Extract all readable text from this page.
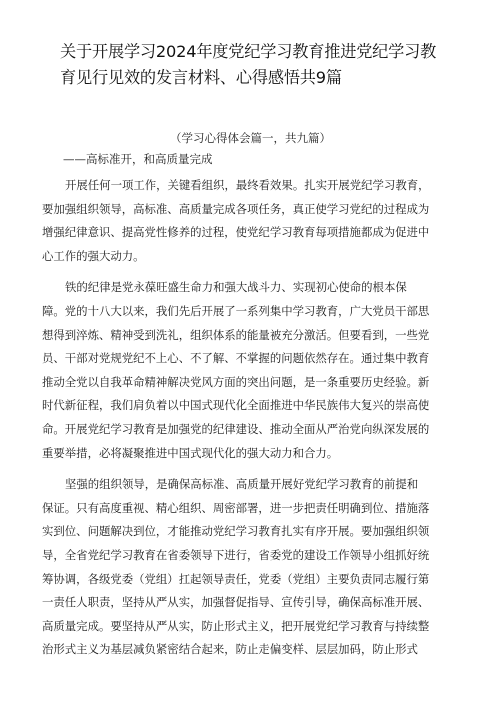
关于开展学习2024年度党纪学习教育推进党纪学习教
育见行见效的发言材料、心得感悟共9篇
（学习心得体会篇一，共九篇）
——高标准开，和高质量完成
开展任何一项工作，关键看组织，最终看效果。扎实开展党纪学习教育，
要加强组织领导，高标准、高质量完成各项任务，真正使学习党纪的过程成为
增强纪律意识、提高党性修养的过程，使党纪学习教育每项措施都成为促进中
心工作的强大动力。
铁的纪律是党永葆旺盛生命力和强大战斗力、实现初心使命的根本保
障。党的十八大以来，我们先后开展了一系列集中学习教育，广大党员干部思
想得到淬炼、精神受到洗礼，组织体系的能量被充分激活。但要看到，一些党
员、干部对党规党纪不上心、不了解、不掌握的问题依然存在。通过集中教育
推动全党以自我革命精神解决党风方面的突出问题，是一条重要历史经验。新
时代新征程，我们肩负着以中国式现代化全面推进中华民族伟大复兴的崇高使
命。开展党纪学习教育是加强党的纪律建设、推动全面从严治党向纵深发展的
重要举措，必将凝聚推进中国式现代化的强大动力和合力。
坚强的组织领导，是确保高标准、高质量开展好党纪学习教育的前提和
保证。只有高度重视、精心组织、周密部署，进一步把责任明确到位、措施落
实到位、问题解决到位，才能推动党纪学习教育扎实有序开展。要加强组织领
导，全省党纪学习教育在省委领导下进行，省委党的建设工作领导小组抓好统
筹协调，各级党委（党组）扛起领导责任，党委（党组）主要负责同志履行第
一责任人职责，坚持从严从实，加强督促指导、宣传引导，确保高标准开展、
高质量完成。要坚持从严从实，防止形式主义，把开展党纪学习教育与持续整
治形式主义为基层减负紧密结合起来，防止走偏变样、层层加码，防止形式
